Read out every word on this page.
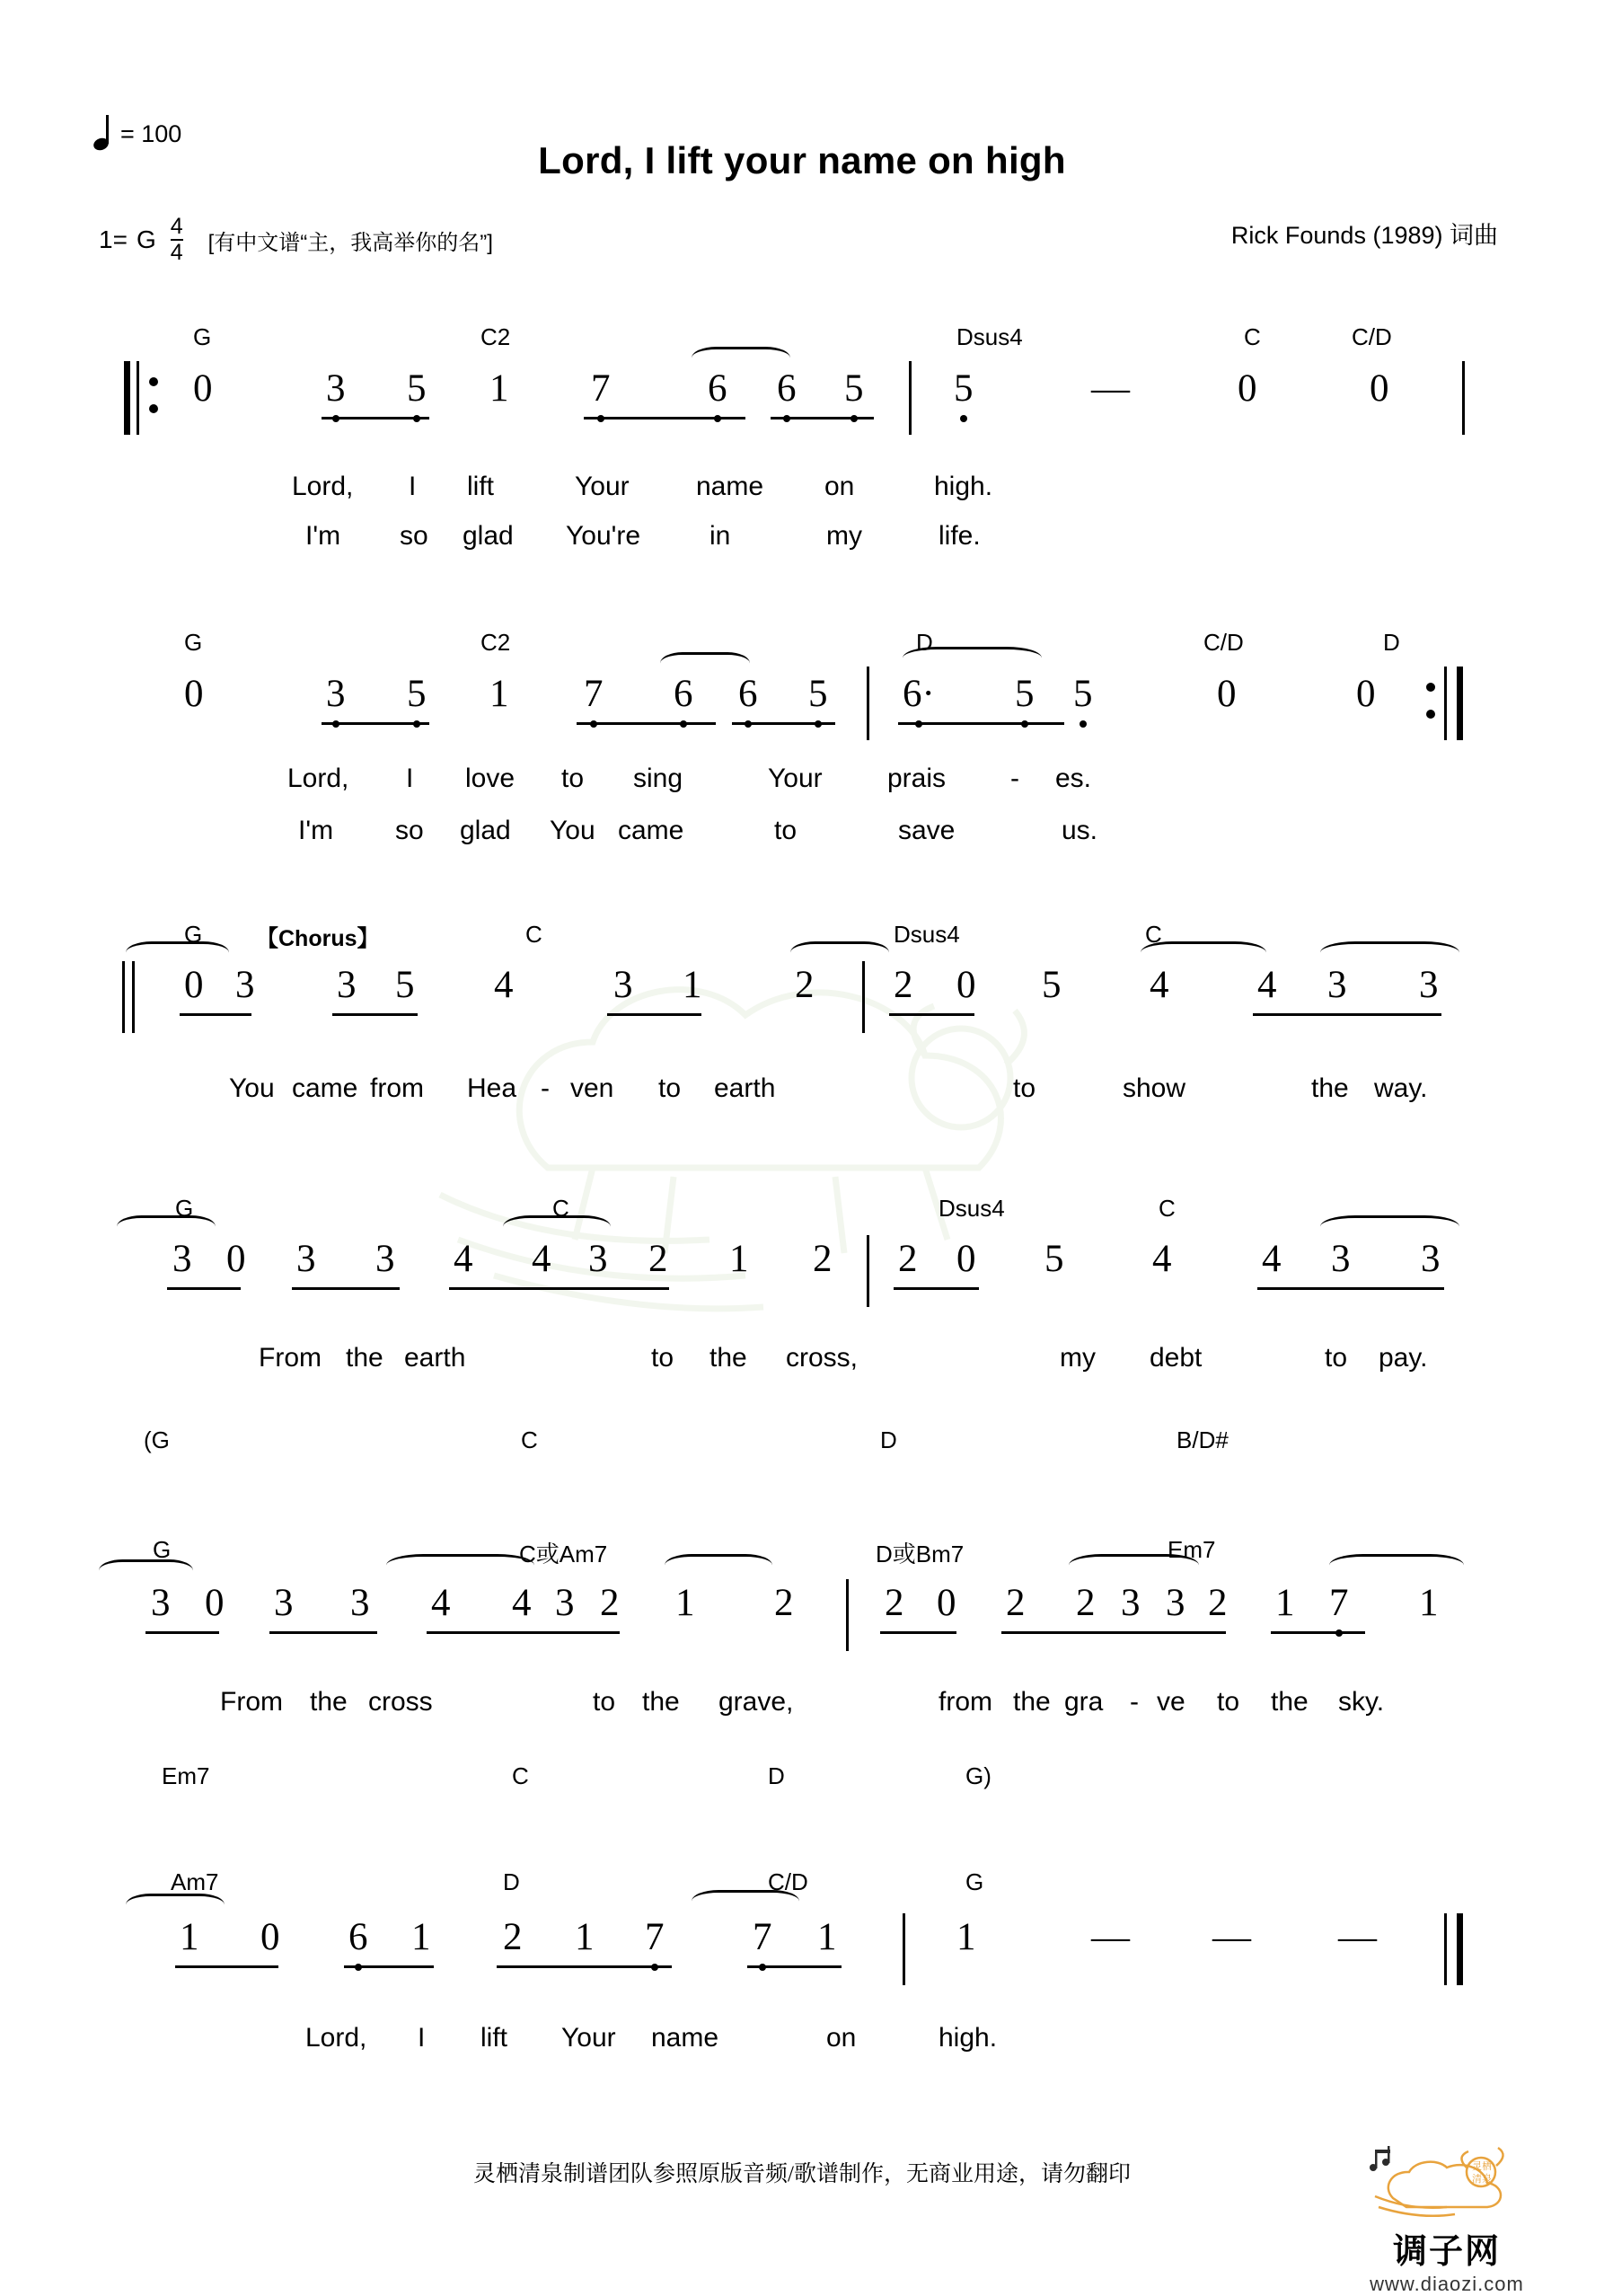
= 100
Lord, I lift your name on high
1= G $\frac{4}{4}$ [有中文谱“主，我高举你的名”]	Rick Founds (1989) 词曲
G	C2	Dsus4	C	C/D
0	3 5 1 7	6 6 5 5	—	0	0
Lord, I lift	Your name on	high.
I'm so glad You're	in	my	life.
G	C2	D	C/D	D
0	3 5 1 7 6 6 5 6· 5 5	0	0
Lord, I love to sing	Your prais - es.
I'm so glad You came	to	save	us.
G 【Chorus】	C	Dsus4	C
0 3 3 5 4	3 1 2 2 0 5 4 4 3 3
You came from Hea - ven to earth	to	show	the way.
G	C	Dsus4	C
3 0 3 3 4 4 3 2 1 2 2 0 5 4 4 3 3
From the earth	to the cross,	my debt	to pay.
(G	C	D	B/D#
G	C或Am7	D或Bm7	Em7
3 0 3 3 4 4 3 2 1 2 2 0 2 2 3 3 2 1 7 1
From the cross	to the grave,	from the gra - ve to the sky.
Em7	C	D	G)
Am7	D	C/D	G
1 0 6 1 2 1 7 7 1	1	— — —
Lord, I lift Your name	on	high.
灵栖清泉制谱团队参照原版音频/歌谱制作，无商业用途，请勿翻印	灵栖
清泉
调子网
www.diaozi.com
